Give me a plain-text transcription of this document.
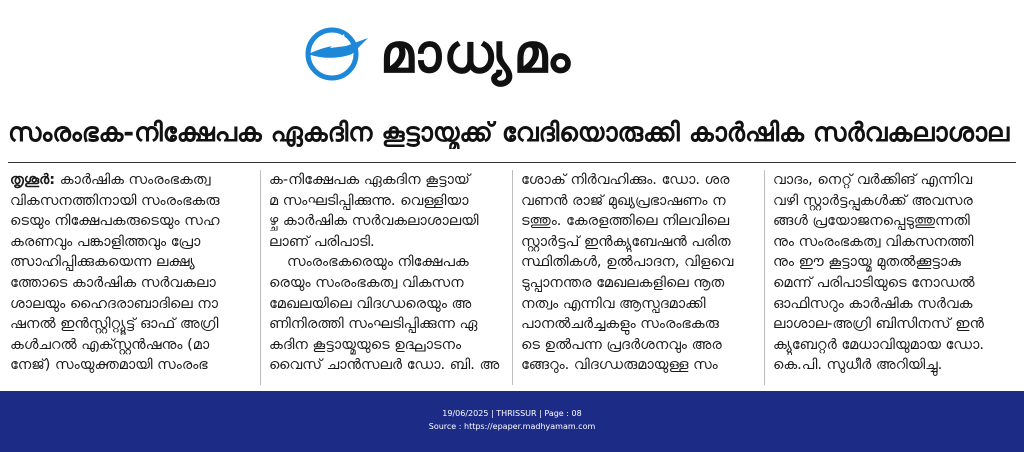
മാധ്യമം
സംരംഭക-നിക്ഷേപക ഏകദിന കൂട്ടായ്മക്ക് വേദിയൊരുക്കി കാർഷിക സർവകലാശാല
തൃശൂർ: കാർഷിക സംരംഭകത്വ
വികസനത്തിനായി സംരംഭകരു
ടെയും നിക്ഷേപകരുടെയും സഹ
കരണവും പങ്കാളിത്തവും പ്രോ
ത്സാഹിപ്പിക്കുകയെന്ന ലക്ഷ്യ
ത്തോടെ കാർഷിക സർവകലാ
ശാലയും ഹൈദരാബാദിലെ നാ
ഷനൽ ഇൻസ്റ്റിറ്റ്യൂട്ട് ഓഫ് അഗ്രി
കൾചറൽ എക്സ്റ്റൻഷനും (മാ
നേജ്) സംയുക്തമായി സംരംഭ
ക-നിക്ഷേപക ഏകദിന കൂട്ടായ്
മ സംഘടിപ്പിക്കുന്നു. വെള്ളിയാ
ഴ്ച കാർഷിക സർവകലാശാലയി
ലാണ് പരിപാടി.
സംരംഭകരെയും നിക്ഷേപക
രെയും സംരംഭകത്വ വികസന
മേഖലയിലെ വിദഗ്ധരെയും അ
ണിനിരത്തി സംഘടിപ്പിക്കുന്ന ഏ
കദിന കൂട്ടായ്മയുടെ ഉദ്ഘാടനം
വൈസ് ചാൻസലർ ഡോ. ബി. അ
ശോക് നിർവഹിക്കും. ഡോ. ശര
വണൻ രാജ് മുഖ്യപ്രഭാഷണം ന
ടത്തും. കേരളത്തിലെ നിലവിലെ
സ്റ്റാർട്ടപ് ഇൻക്യുബേഷൻ പരിത
സ്ഥിതികൾ, ഉൽപാദന, വിളവെ
ടുപ്പാനന്തര മേഖലകളിലെ നൂത
നത്വം എന്നിവ ആസ്പദമാക്കി
പാനൽചർച്ചകളും സംരംഭകരു
ടെ ഉൽപന്ന പ്രദർശനവും അര
ങ്ങേറും. വിദഗ്ധരുമായുള്ള സം
വാദം, നെറ്റ് വർക്കിങ് എന്നിവ
വഴി സ്റ്റാർട്ടപ്പുകൾക്ക് അവസര
ങ്ങൾ പ്രയോജനപ്പെടുത്തുന്നതി
നും സംരംഭകത്വ വികസനത്തി
നും ഈ കൂട്ടായ്മ മുതൽക്കൂട്ടാകു
മെന്ന് പരിപാടിയുടെ നോഡൽ
ഓഫിസറും കാർഷിക സർവക
ലാശാല-അഗ്രി ബിസിനസ് ഇൻ
ക്യുബേറ്റർ മേധാവിയുമായ ഡോ.
കെ.പി. സുധീർ അറിയിച്ചു.
19/06/2025 | THRISSUR | Page : 08
Source : https://epaper.madhyamam.com
